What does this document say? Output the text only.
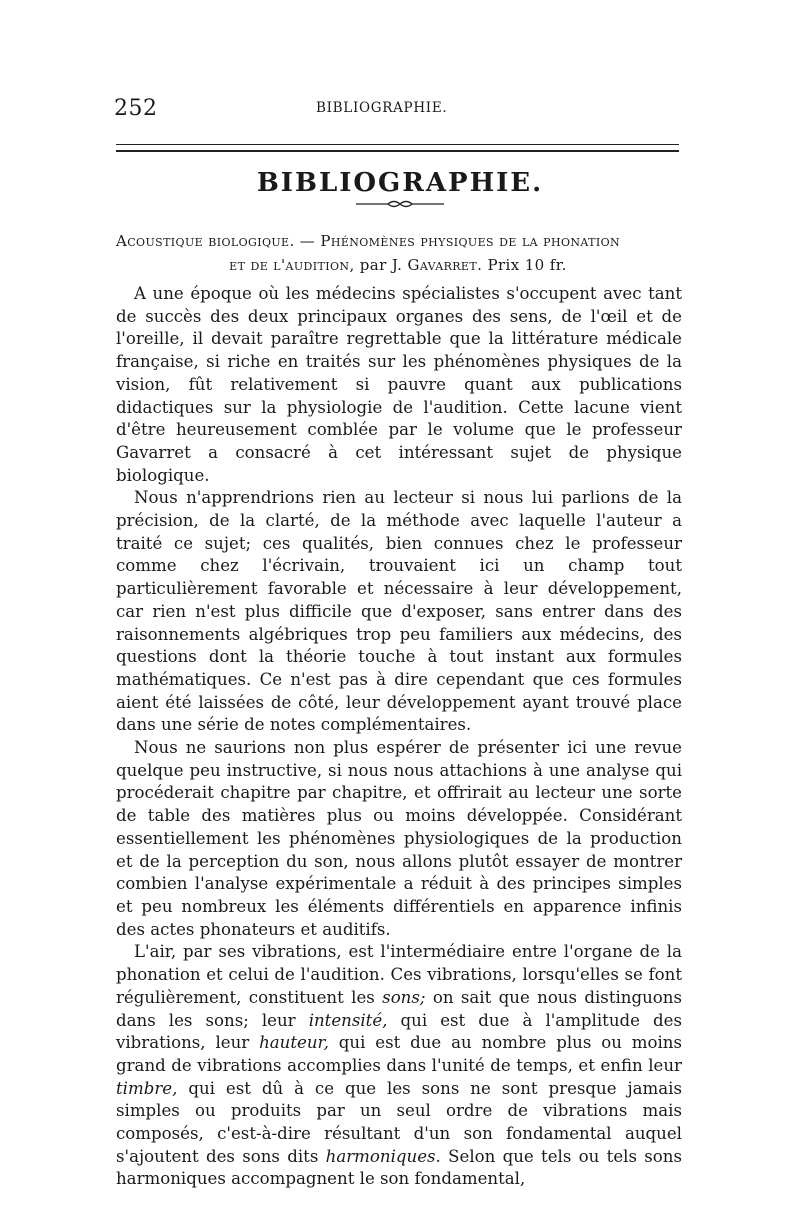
252	BIBLIOGRAPHIE.
BIBLIOGRAPHIE.
Acoustique biologique. — Phénomènes physiques de la phonation
et de l'audition, par J. Gavarret. Prix 10 fr.

A une époque où les médecins spécialistes s'occupent avec tant de succès des deux principaux organes des sens, de l'œil et de l'oreille, il devait paraître regrettable que la littérature médicale française, si riche en traités sur les phénomènes physiques de la vision, fût relativement si pauvre quant aux publications didactiques sur la physiologie de l'audition. Cette lacune vient d'être heureusement comblée par le volume que le professeur Gavarret a consacré à cet intéressant sujet de physique biologique.

Nous n'apprendrions rien au lecteur si nous lui parlions de la précision, de la clarté, de la méthode avec laquelle l'auteur a traité ce sujet; ces qualités, bien connues chez le professeur comme chez l'écrivain, trouvaient ici un champ tout particulièrement favorable et nécessaire à leur développement, car rien n'est plus difficile que d'exposer, sans entrer dans des raisonnements algébriques trop peu familiers aux médecins, des questions dont la théorie touche à tout instant aux formules mathématiques. Ce n'est pas à dire cependant que ces formules aient été laissées de côté, leur développement ayant trouvé place dans une série de notes complémentaires.

Nous ne saurions non plus espérer de présenter ici une revue quelque peu instructive, si nous nous attachions à une analyse qui procéderait chapitre par chapitre, et offrirait au lecteur une sorte de table des matières plus ou moins développée. Considérant essentiellement les phénomènes physiologiques de la production et de la perception du son, nous allons plutôt essayer de montrer combien l'analyse expérimentale a réduit à des principes simples et peu nombreux les éléments différentiels en apparence infinis des actes phonateurs et auditifs.

L'air, par ses vibrations, est l'intermédiaire entre l'organe de la phonation et celui de l'audition. Ces vibrations, lorsqu'elles se font régulièrement, constituent les sons; on sait que nous distinguons dans les sons; leur intensité, qui est due à l'amplitude des vibrations, leur hauteur, qui est due au nombre plus ou moins grand de vibrations accomplies dans l'unité de temps, et enfin leur timbre, qui est dû à ce que les sons ne sont presque jamais simples ou produits par un seul ordre de vibrations mais composés, c'est-à-dire résultant d'un son fondamental auquel s'ajoutent des sons dits harmoniques. Selon que tels ou tels sons harmoniques accompagnent le son fondamental,
